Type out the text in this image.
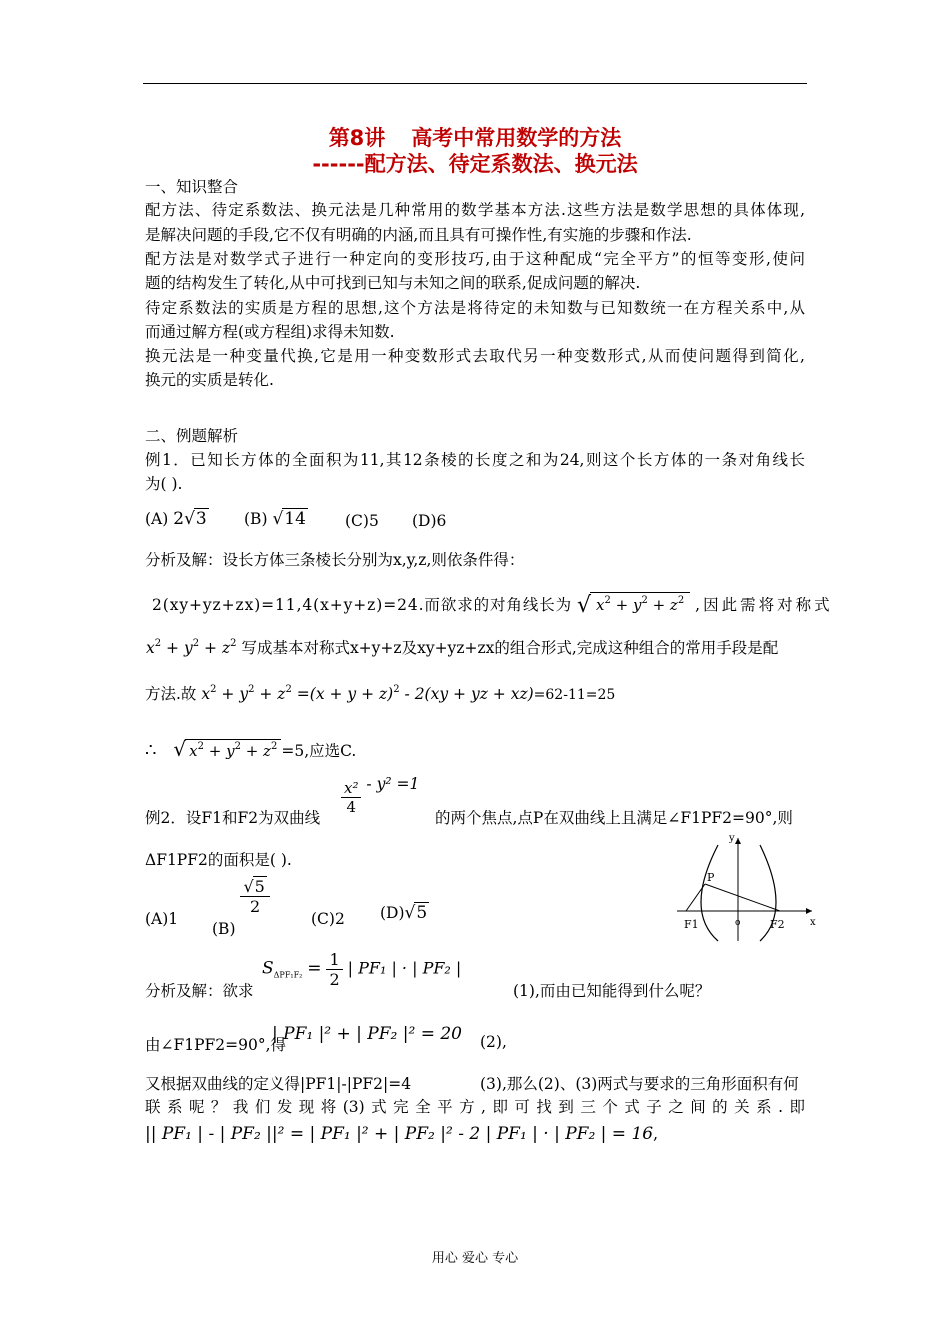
第8讲 高考中常用数学的方法
------配方法、待定系数法、换元法
一、知识整合
配方法、待定系数法、换元法是几种常用的数学基本方法.这些方法是数学思想的具体体现,
是解决问题的手段,它不仅有明确的内涵,而且具有可操作性,有实施的步骤和作法.
配方法是对数学式子进行一种定向的变形技巧,由于这种配成“完全平方”的恒等变形,使问
题的结构发生了转化,从中可找到已知与未知之间的联系,促成问题的解决.
待定系数法的实质是方程的思想,这个方法是将待定的未知数与已知数统一在方程关系中,从
而通过解方程(或方程组)求得未知数.
换元法是一种变量代换,它是用一种变数形式去取代另一种变数形式,从而使问题得到简化,
换元的实质是转化.
二、例题解析
例1．已知长方体的全面积为11,其12条棱的长度之和为24,则这个长方体的一条对角线长
为( ).
(A) 2√3 (B) √14	(C)5 (D)6
分析及解：设长方体三条棱长分别为x,y,z,则依条件得：
2(xy+yz+zx)=11,4(x+y+z)=24.而欲求的对角线长为 √ $x^2 + y^2 + z^2$ ,因此需将对称式
$x^2 + y^2 + z^2$ 写成基本对称式x+y+z及xy+yz+zx的组合形式,完成这种组合的常用手段是配
方法.故 $x^2 + y^2 + z^2 =(x + y + z)^2 - 2(xy$ + yz + xz)=62-11=25
∴ √ $x^2 + y^2 + z^2 =5$,应选C.
例2．设F1和F2为双曲线
$\frac{\text{x²}}{4} - y^2 =1$
的两个焦点,点P在双曲线上且满足∠F1PF2=90°,则
ΔF1PF2的面积是( ).
(A)1
(B)
$\frac{√5}{2}$
(C)2 (D)√5
y
x
P
F1	o	F2
分析及解：欲求
$S_{\Delta PF_1F_2} = \frac{1}{2}$ | PF₁ | · | PF₂ |
(1),而由已知能得到什么呢？
由∠F1PF2=90°,得
| PF₁ |² + | PF₂ |² = 20 (2),
又根据双曲线的定义得|PF1|-|PF2|=4	(3),那么(2)、(3)两式与要求的三角形面积有何
联系呢？我们发现将(3)式完全平方,即可找到三个式子之间的关系.即
|| PF₁ | - | PF₂ ||² = | PF₁ |² + | PF₂ |² - 2 | PF₁ | · | PF₂ | = 16,
用心 爱心 专心
